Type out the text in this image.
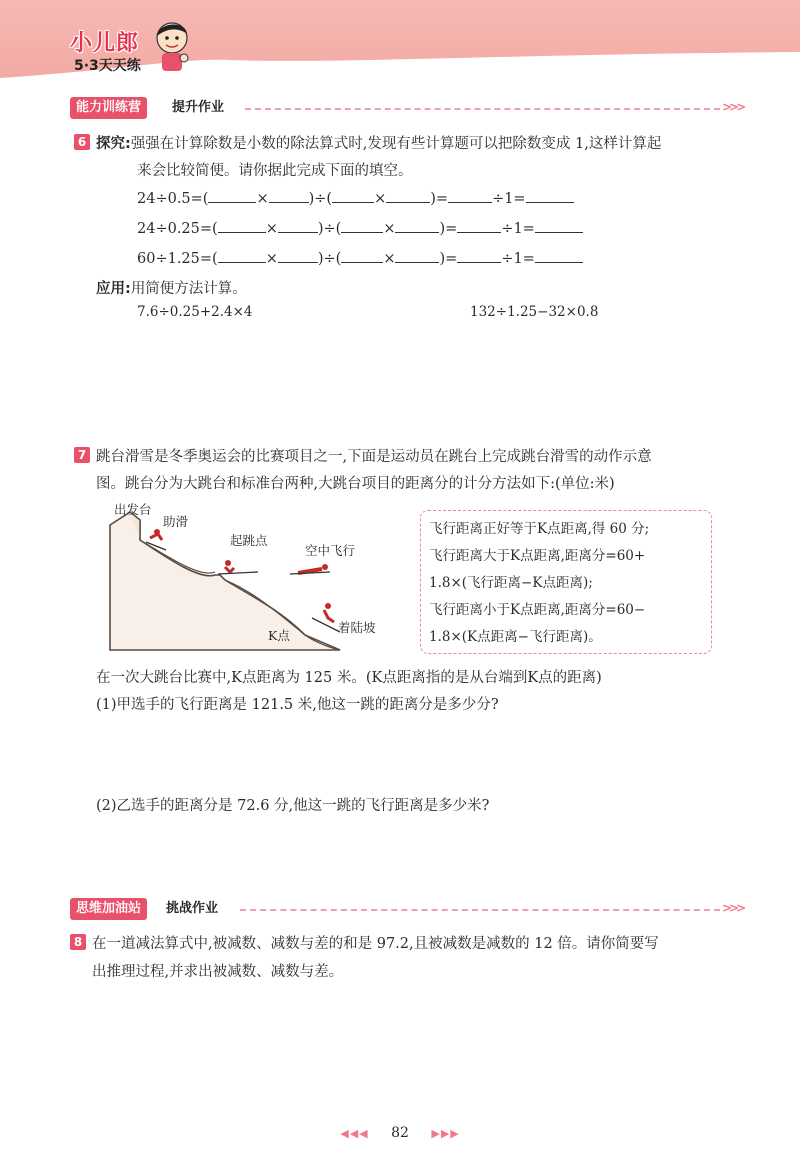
小儿郎
5·3天天练
能力训练营	提升作业	>>>
6 探究:强强在计算除数是小数的除法算式时,发现有些计算题可以把除数变成 1,这样计算起
来会比较简便。请你据此完成下面的填空。
24÷0.5=(	×	)÷(	×	)=	÷1=
24÷0.25=(	×	)÷(	×	)=	÷1=
60÷1.25=(	×	)÷(	×	)=	÷1=
应用:用简便方法计算。
7.6÷0.25+2.4×4	132÷1.25−32×0.8
7 跳台滑雪是冬季奥运会的比赛项目之一,下面是运动员在跳台上完成跳台滑雪的动作示意
图。跳台分为大跳台和标准台两种,大跳台项目的距离分的计分方法如下:(单位:米)
出发台
助滑
起跳点
空中飞行
K点
着陆坡
飞行距离正好等于K点距离,得 60 分;
飞行距离大于K点距离,距离分=60+
1.8×(飞行距离−K点距离);
飞行距离小于K点距离,距离分=60−
1.8×(K点距离−飞行距离)。
在一次大跳台比赛中,K点距离为 125 米。(K点距离指的是从台端到K点的距离)
(1)甲选手的飞行距离是 121.5 米,他这一跳的距离分是多少分?
(2)乙选手的距离分是 72.6 分,他这一跳的飞行距离是多少米?
思维加油站	挑战作业	>>>
8 在一道减法算式中,被减数、减数与差的和是 97.2,且被减数是减数的 12 倍。请你简要写
出推理过程,并求出被减数、减数与差。
◀◀◀ 82 ▶▶▶
